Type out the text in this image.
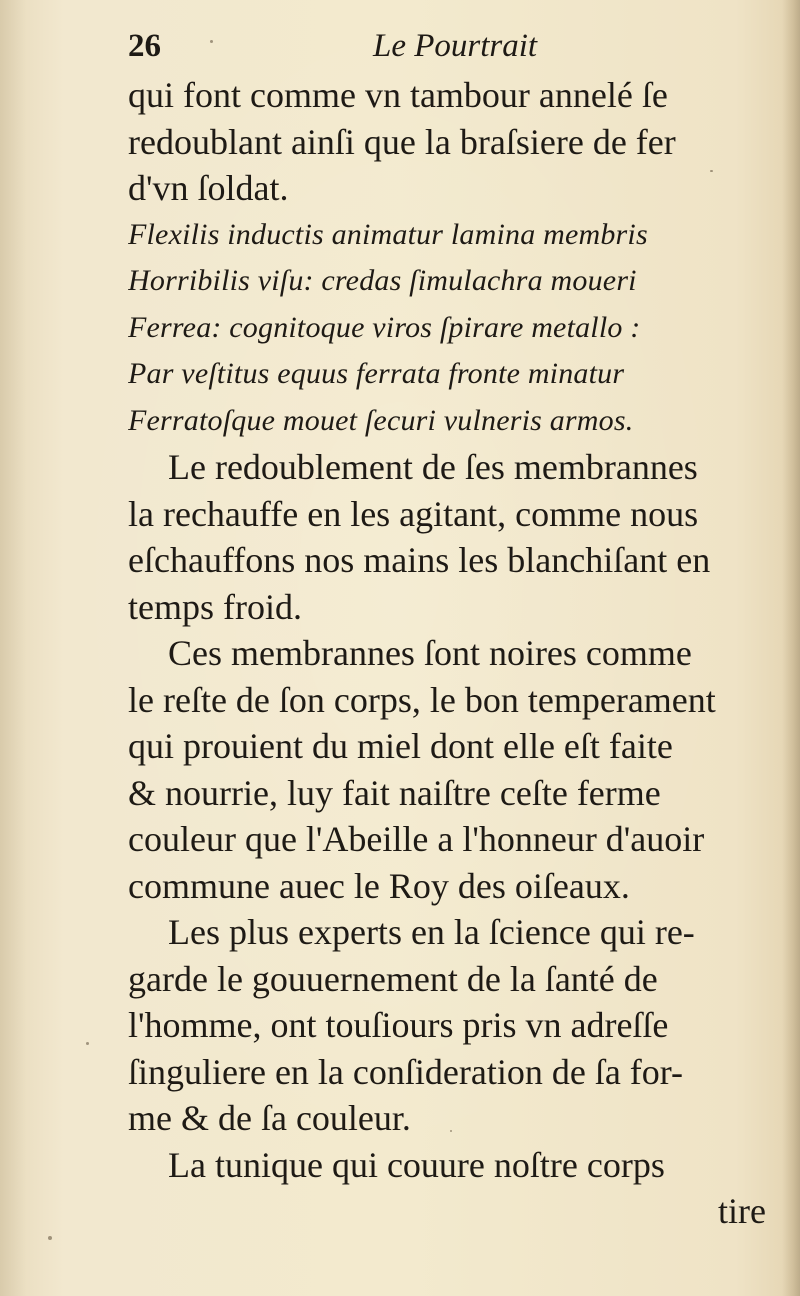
26	Le Pourtrait
qui font comme vn tambour annelé ſe
redoublant ainſi que la braſsiere de fer
d'vn ſoldat.
Flexilis inductis animatur lamina membris
Horribilis viſu: credas ſimulachra moueri
Ferrea: cognitoque viros ſpirare metallo :
Par veſtitus equus ferrata fronte minatur
Ferratoſque mouet ſecuri vulneris armos.
Le redoublement de ſes membrannes
la rechauffe en les agitant, comme nous
eſchauffons nos mains les blanchiſant en
temps froid.
Ces membrannes ſont noires comme
le reſte de ſon corps, le bon temperament
qui prouient du miel dont elle eſt faite
& nourrie, luy fait naiſtre ceſte ferme
couleur que l'Abeille a l'honneur d'auoir
commune auec le Roy des oiſeaux.
Les plus experts en la ſcience qui re-
garde le gouuernement de la ſanté de
l'homme, ont touſiours pris vn adreſſe
ſinguliere en la conſideration de ſa for-
me & de ſa couleur.
La tunique qui couure noſtre corps
tire
